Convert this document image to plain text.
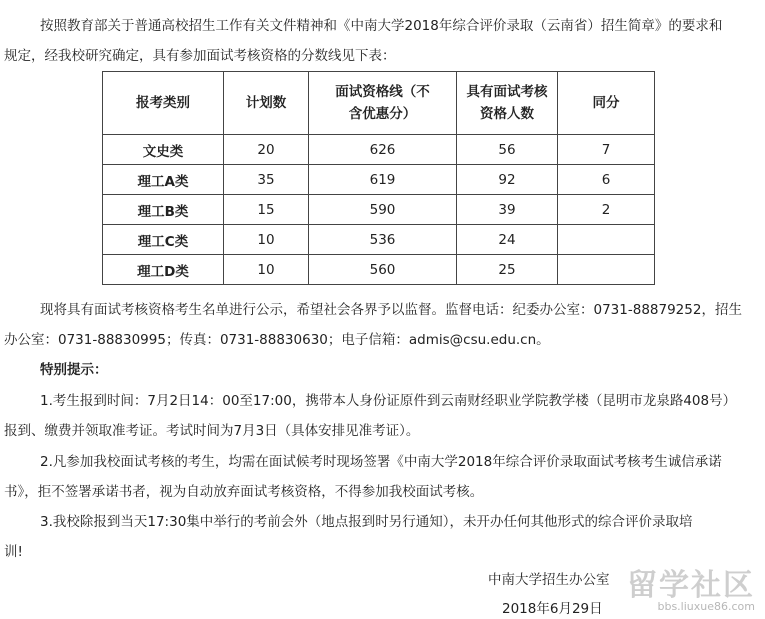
按照教育部关于普通高校招生工作有关文件精神和《中南大学2018年综合评价录取（云南省）招生简章》的要求和
规定，经我校研究确定，具有参加面试考核资格的分数线见下表：
报考类别	计划数	面试资格线（不含优惠分）	具有面试考核资格人数	同分
文史类	20	626	56	7
理工A类	35	619	92	6
理工B类	15	590	39	2
理工C类	10	536	24	
理工D类	10	560	25	
现将具有面试考核资格考生名单进行公示，希望社会各界予以监督。监督电话：纪委办公室：0731-88879252，招生
办公室：0731-88830995；传真：0731-88830630；电子信箱：admis@csu.edu.cn。
特别提示：
1.考生报到时间：7月2日14：00至17:00，携带本人身份证原件到云南财经职业学院教学楼（昆明市龙泉路408号）
报到、缴费并领取准考证。考试时间为7月3日（具体安排见准考证）。
2.凡参加我校面试考核的考生，均需在面试候考时现场签署《中南大学2018年综合评价录取面试考核考生诚信承诺
书》，拒不签署承诺书者，视为自动放弃面试考核资格，不得参加我校面试考核。
3.我校除报到当天17:30集中举行的考前会外（地点报到时另行通知），未开办任何其他形式的综合评价录取培
训!
中南大学招生办公室
2018年6月29日
留学社区
bbs.liuxue86.com
